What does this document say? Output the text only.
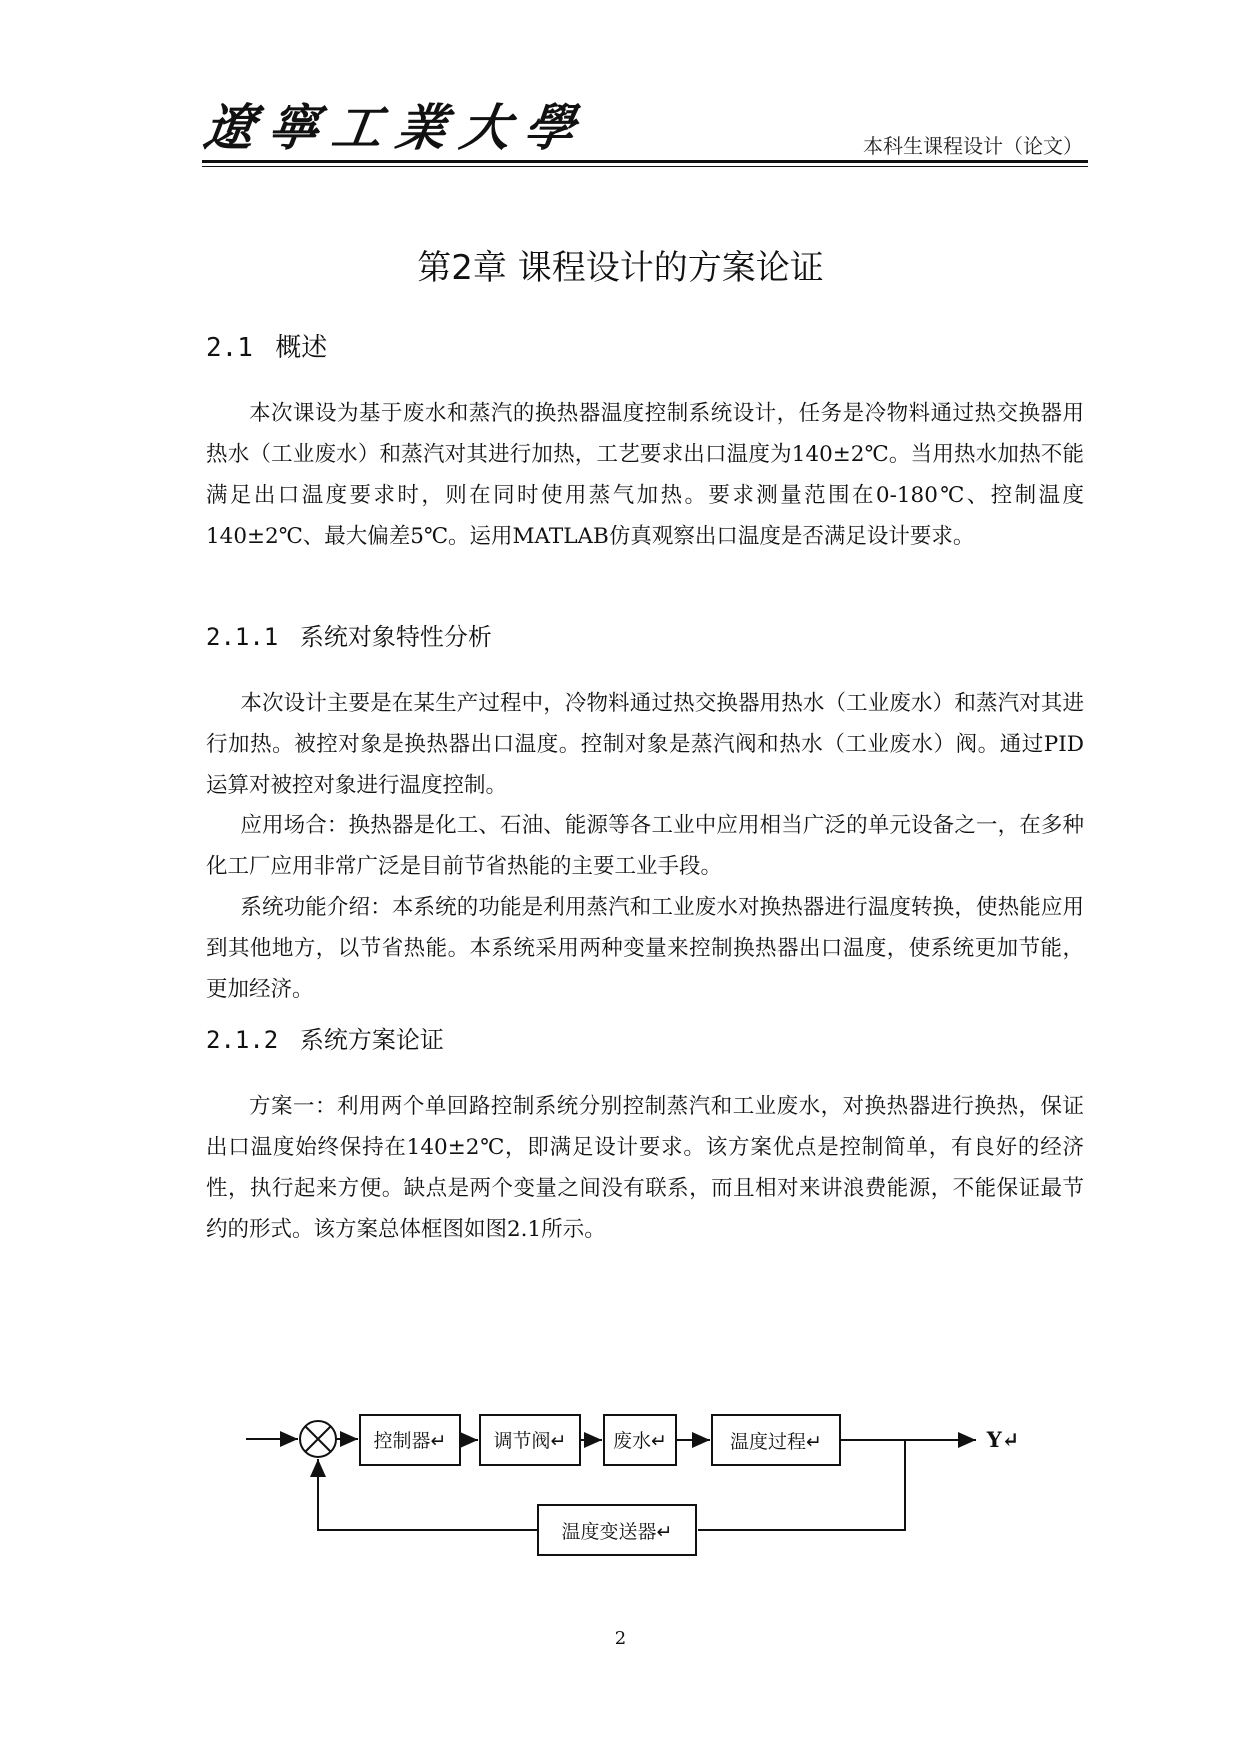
遼寧工業大學	本科生课程设计（论文）
第2章 课程设计的方案论证
2.1 概述
本次课设为基于废水和蒸汽的换热器温度控制系统设计，任务是冷物料通过热交换器用热水（工业废水）和蒸汽对其进行加热，工艺要求出口温度为140±2℃。当用热水加热不能满足出口温度要求时，则在同时使用蒸气加热。要求测量范围在0-180℃、控制温度140±2℃、最大偏差5℃。运用MATLAB仿真观察出口温度是否满足设计要求。
2.1.1 系统对象特性分析
本次设计主要是在某生产过程中，冷物料通过热交换器用热水（工业废水）和蒸汽对其进行加热。被控对象是换热器出口温度。控制对象是蒸汽阀和热水（工业废水）阀。通过PID运算对被控对象进行温度控制。
应用场合：换热器是化工、石油、能源等各工业中应用相当广泛的单元设备之一，在多种化工厂应用非常广泛是目前节省热能的主要工业手段。
系统功能介绍：本系统的功能是利用蒸汽和工业废水对换热器进行温度转换，使热能应用到其他地方，以节省热能。本系统采用两种变量来控制换热器出口温度，使系统更加节能，更加经济。
2.1.2 系统方案论证
方案一：利用两个单回路控制系统分别控制蒸汽和工业废水，对换热器进行换热，保证出口温度始终保持在140±2℃，即满足设计要求。该方案优点是控制简单，有良好的经济性，执行起来方便。缺点是两个变量之间没有联系，而且相对来讲浪费能源，不能保证最节约的形式。该方案总体框图如图2.1所示。
控制器↵ 调节阀↵ 废水↵	温度过程↵
温度变送器↵
Y↵
2
